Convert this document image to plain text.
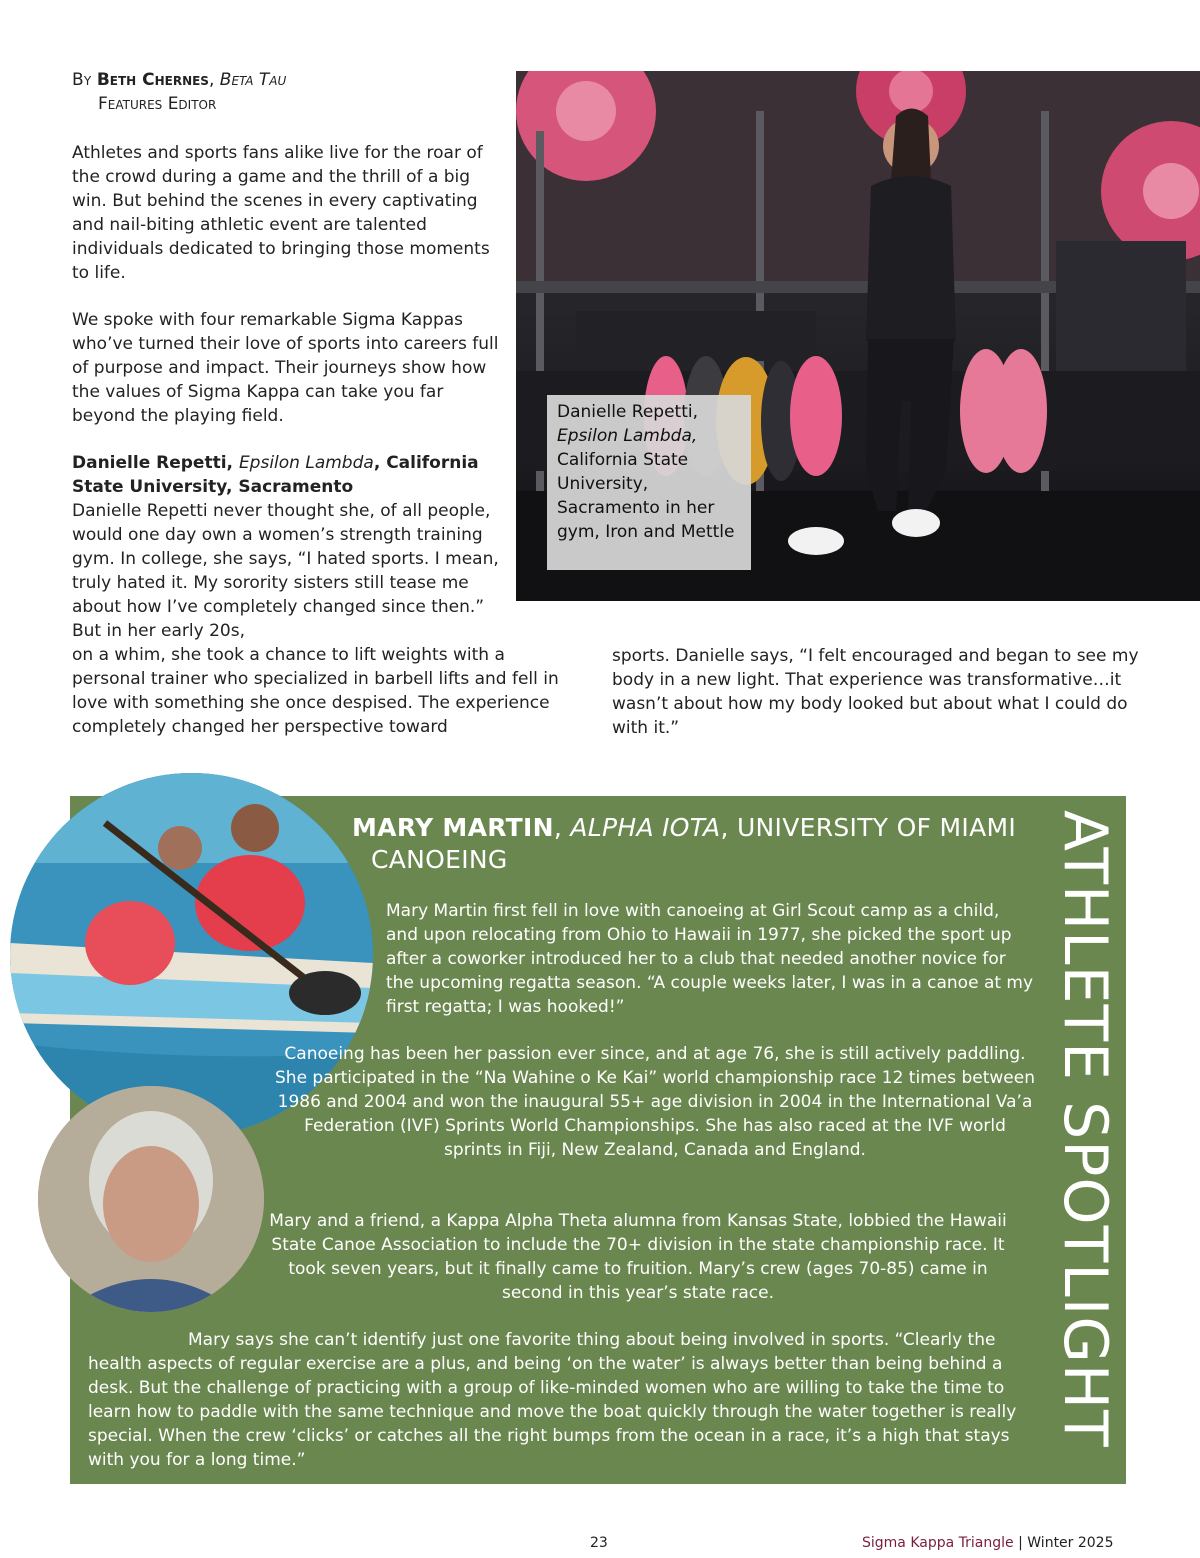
By Beth Chernes, Beta Tau
Features Editor

Athletes and sports fans alike live for the roar of the crowd during a game and the thrill of a big win. But behind the scenes in every captivating and nail-biting athletic event are talented individuals dedicated to bringing those moments to life.

We spoke with four remarkable Sigma Kappas who’ve turned their love of sports into careers full of purpose and impact. Their journeys show how the values of Sigma Kappa can take you far beyond the playing field.

Danielle Repetti, Epsilon Lambda, California State University, Sacramento
Danielle Repetti never thought she, of all people, would one day own a women’s strength training gym. In college, she says, “I hated sports. I mean, truly hated it. My sorority sisters still tease me about how I’ve completely changed since then.” But in her early 20s,

on a whim, she took a chance to lift weights with a personal trainer who specialized in barbell lifts and fell in love with something she once despised. The experience completely changed her perspective toward

sports. Danielle says, “I felt encouraged and began to see my body in a new light. That experience was transformative…it wasn’t about how my body looked but about what I could do with it.”

Danielle Repetti,
Epsilon Lambda,
California State University, Sacramento in her gym, Iron and Mettle
MARY MARTIN, ALPHA IOTA, UNIVERSITY OF MIAMI
CANOEING	ATHLETE SPOTLIGHT

Mary Martin first fell in love with canoeing at Girl Scout camp as a child, and upon relocating from Ohio to Hawaii in 1977, she picked the sport up after a coworker introduced her to a club that needed another novice for the upcoming regatta season. “A couple weeks later, I was in a canoe at my first regatta; I was hooked!”

Canoeing has been her passion ever since, and at age 76, she is still actively paddling. She participated in the “Na Wahine o Ke Kai” world championship race 12 times between 1986 and 2004 and won the inaugural 55+ age division in 2004 in the International Va’a Federation (IVF) Sprints World Championships. She has also raced at the IVF world sprints in Fiji, New Zealand, Canada and England.

Mary and a friend, a Kappa Alpha Theta alumna from Kansas State, lobbied the Hawaii State Canoe Association to include the 70+ division in the state championship race. It took seven years, but it finally came to fruition. Mary’s crew (ages 70-85) came in second in this year’s state race.

Mary says she can’t identify just one favorite thing about being involved in sports. “Clearly the health aspects of regular exercise are a plus, and being ‘on the water’ is always better than being behind a desk. But the challenge of practicing with a group of like-minded women who are willing to take the time to learn how to paddle with the same technique and move the boat quickly through the water together is really special. When the crew ‘clicks’ or catches all the right bumps from the ocean in a race, it’s a high that stays with you for a long time.”

23	Sigma Kappa Triangle | Winter 2025
